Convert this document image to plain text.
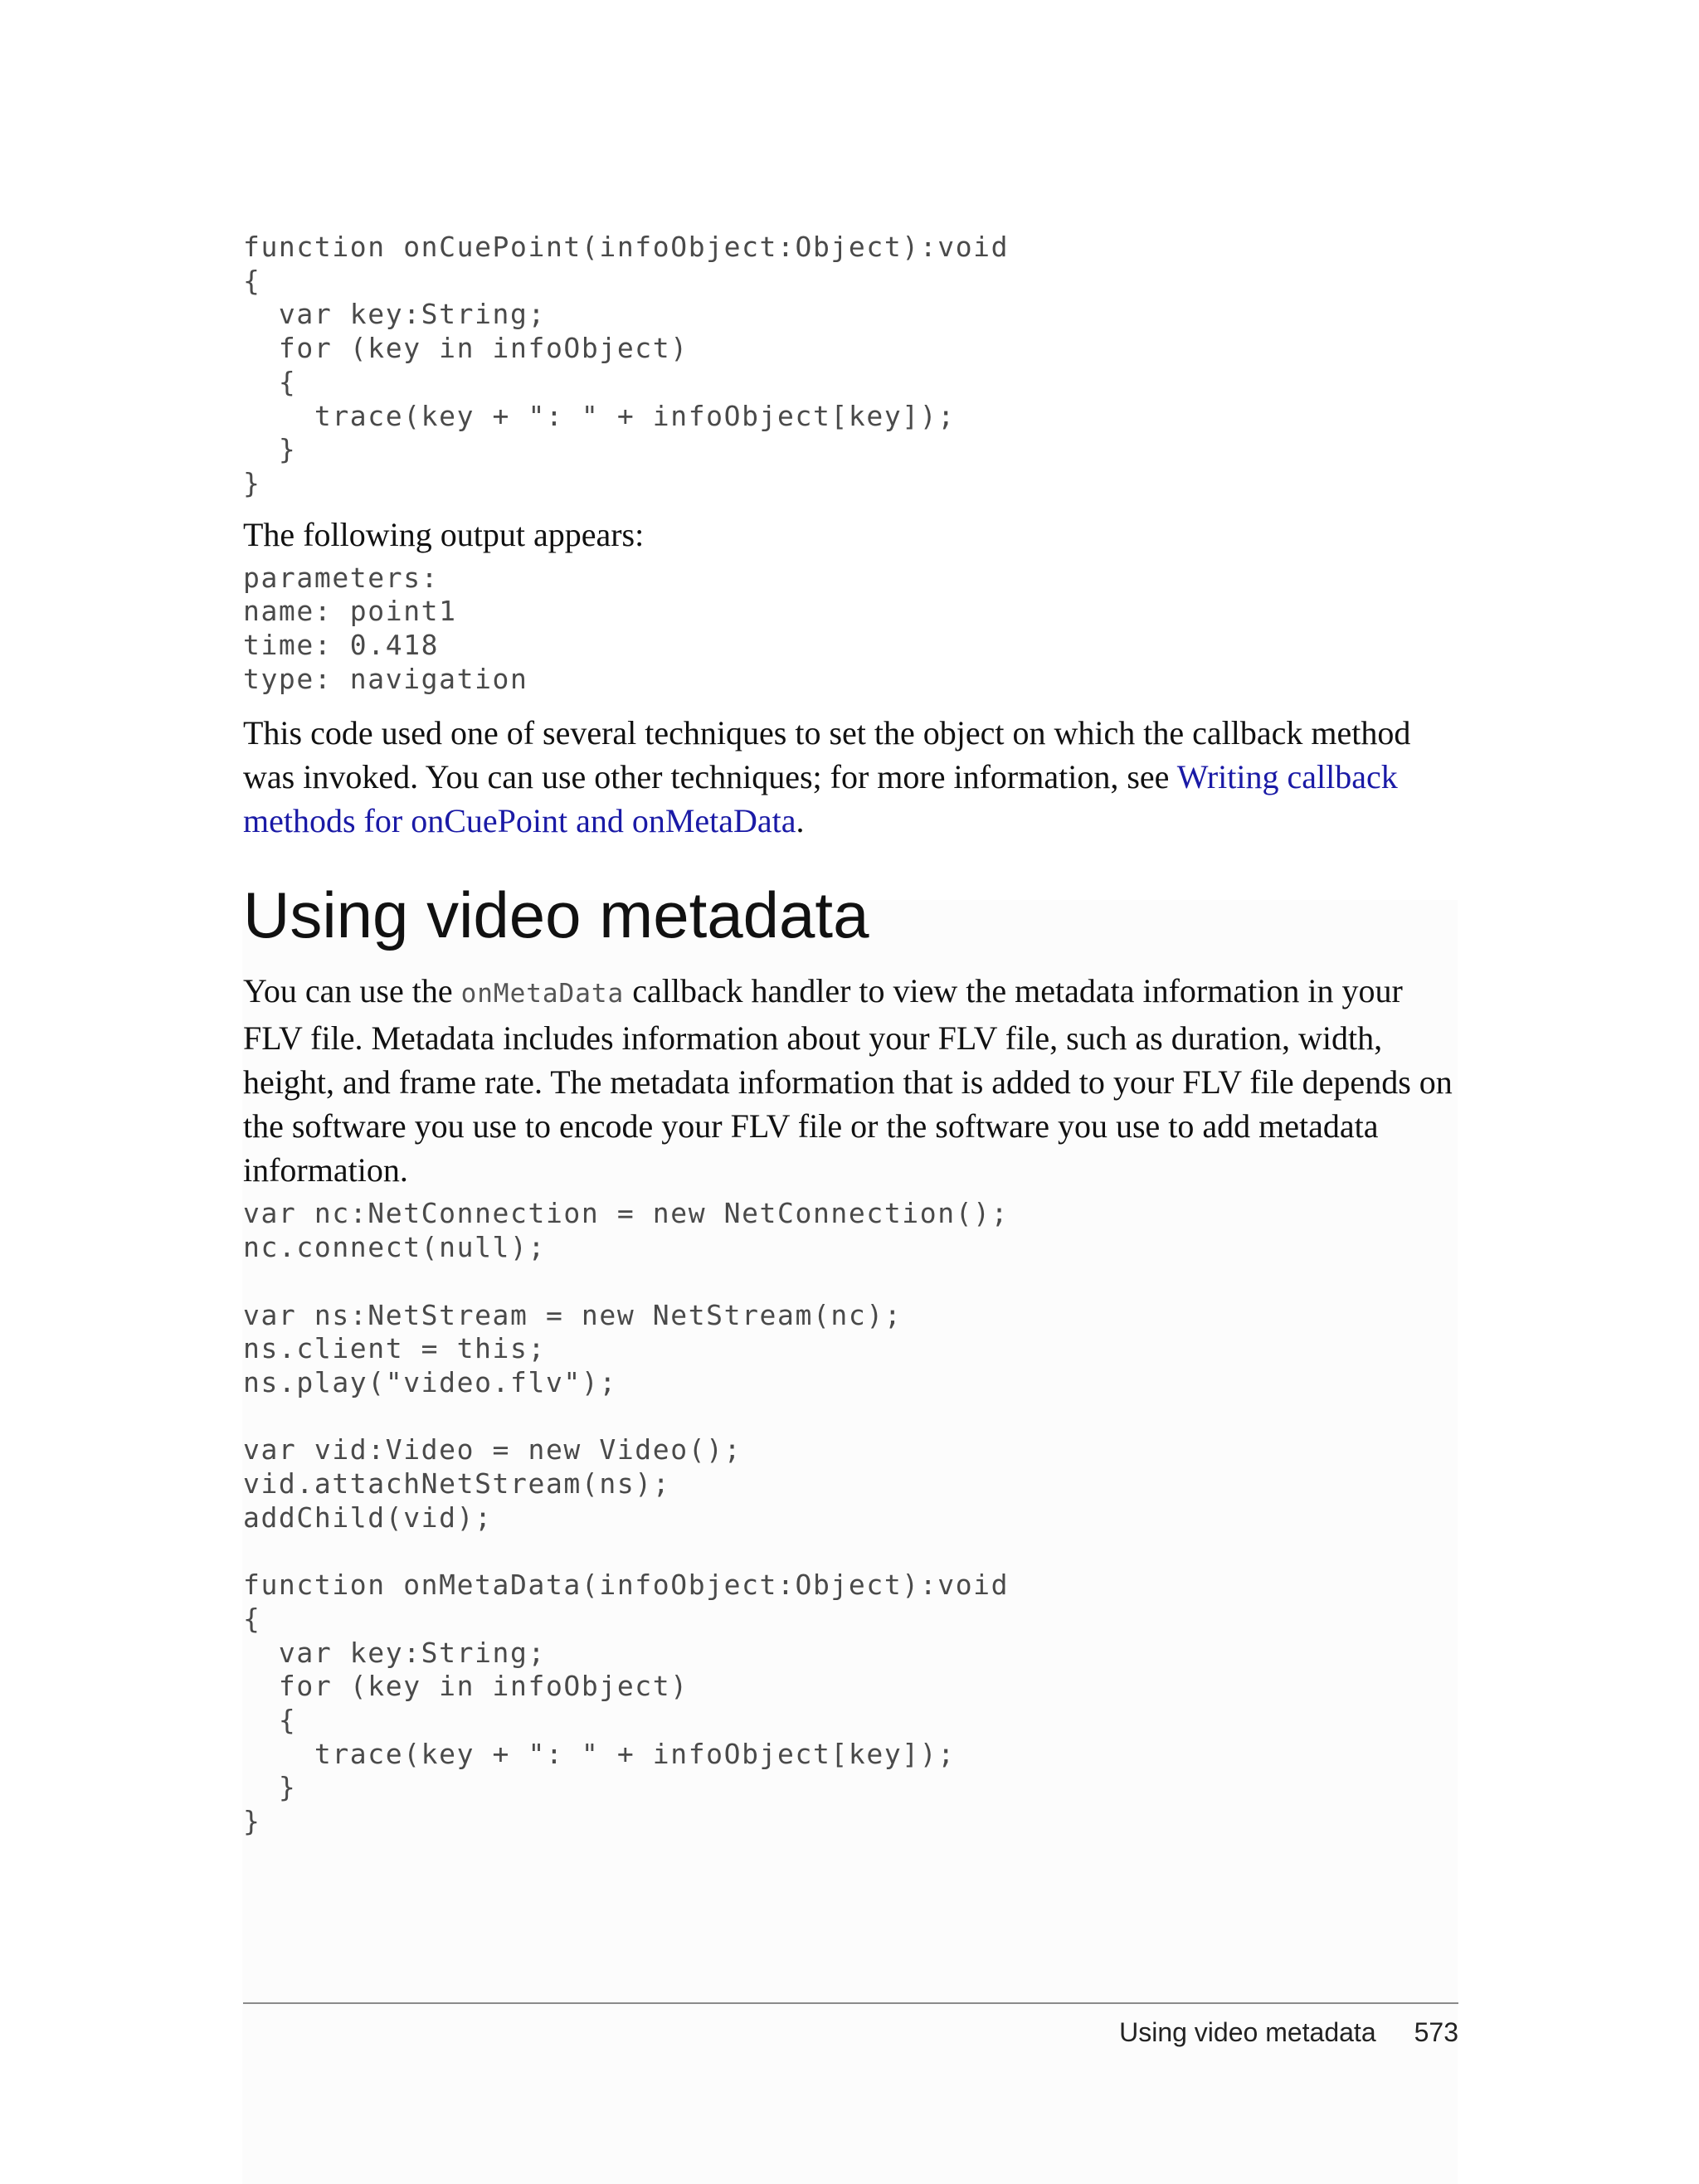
function onCuePoint(infoObject:Object):void
{
var key:String;
for (key in infoObject)
{
trace(key + ": " + infoObject[key]);
}
}

The following output appears:

parameters:
name: point1
time: 0.418
type: navigation

This code used one of several techniques to set the object on which the callback method was invoked. You can use other techniques; for more information, see Writing callback methods for onCuePoint and onMetaData.

Using video metadata

You can use the onMetaData callback handler to view the metadata information in your FLV file. Metadata includes information about your FLV file, such as duration, width, height, and frame rate. The metadata information that is added to your FLV file depends on the software you use to encode your FLV file or the software you use to add metadata information.

var nc:NetConnection = new NetConnection();
nc.connect(null);
var ns:NetStream = new NetStream(nc);
ns.client = this;
ns.play("video.flv");
var vid:Video = new Video();
vid.attachNetStream(ns);
addChild(vid);
function onMetaData(infoObject:Object):void
{
var key:String;
for (key in infoObject)
{
trace(key + ": " + infoObject[key]);
}
}
Using video metadata 573
